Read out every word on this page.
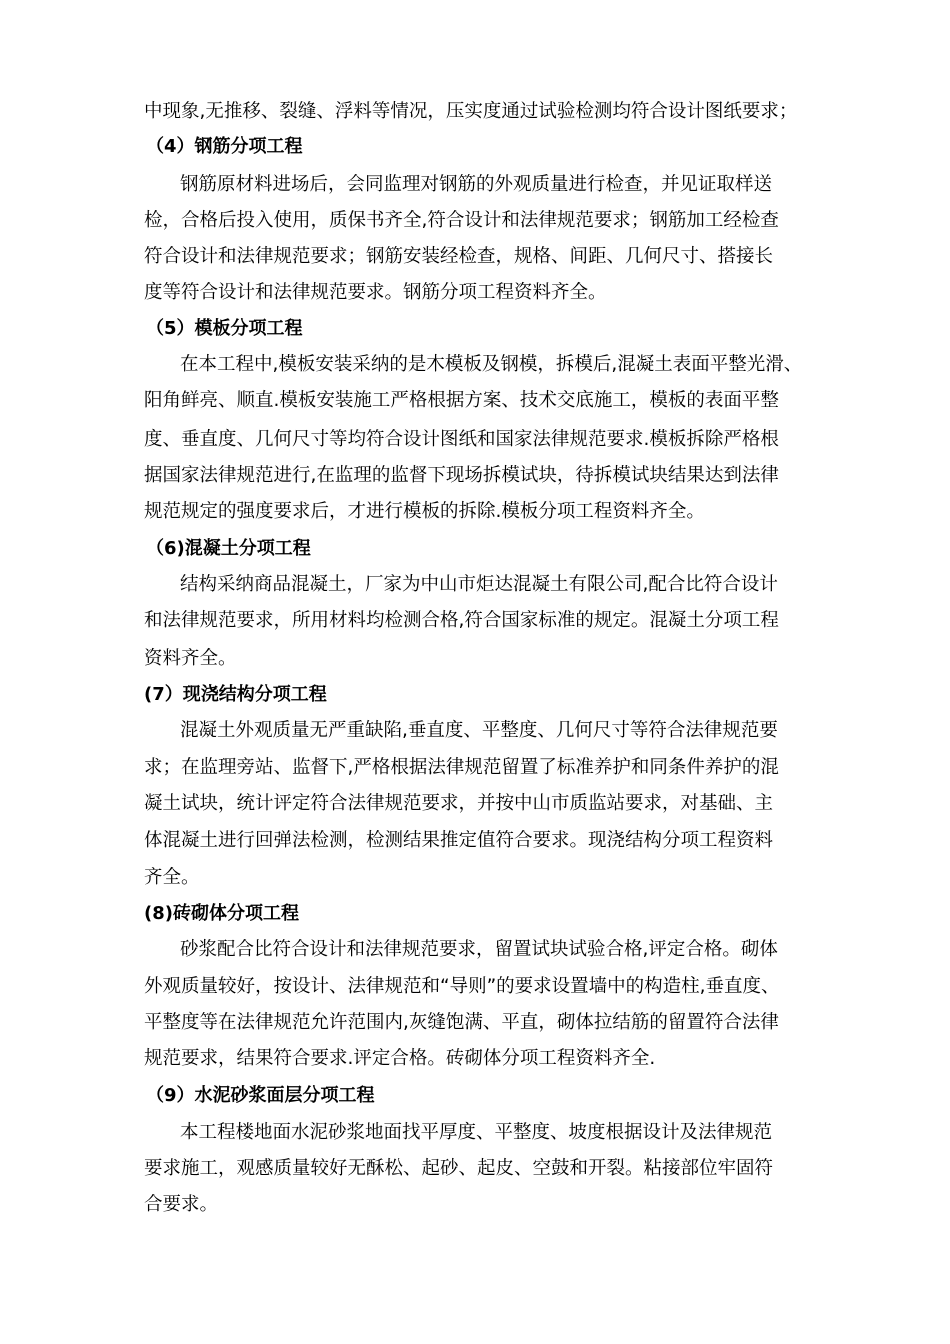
中现象,无推移、裂缝、浮料等情况，压实度通过试验检测均符合设计图纸要求；

（4）钢筋分项工程

钢筋原材料进场后，会同监理对钢筋的外观质量进行检查，并见证取样送

检，合格后投入使用，质保书齐全,符合设计和法律规范要求；钢筋加工经检查

符合设计和法律规范要求；钢筋安装经检查，规格、间距、几何尺寸、搭接长

度等符合设计和法律规范要求。钢筋分项工程资料齐全。

（5）模板分项工程

在本工程中,模板安装采纳的是木模板及钢模，拆模后,混凝土表面平整光滑、

阳角鲜亮、顺直.模板安装施工严格根据方案、技术交底施工，模板的表面平整

度、垂直度、几何尺寸等均符合设计图纸和国家法律规范要求.模板拆除严格根

据国家法律规范进行,在监理的监督下现场拆模试块，待拆模试块结果达到法律

规范规定的强度要求后，才进行模板的拆除.模板分项工程资料齐全。

（6)混凝土分项工程

结构采纳商品混凝土，厂家为中山市炬达混凝土有限公司,配合比符合设计

和法律规范要求，所用材料均检测合格,符合国家标准的规定。混凝土分项工程

资料齐全。

(7）现浇结构分项工程

混凝土外观质量无严重缺陷,垂直度、平整度、几何尺寸等符合法律规范要

求；在监理旁站、监督下,严格根据法律规范留置了标准养护和同条件养护的混

凝土试块，统计评定符合法律规范要求，并按中山市质监站要求，对基础、主

体混凝土进行回弹法检测，检测结果推定值符合要求。现浇结构分项工程资料

齐全。

(8)砖砌体分项工程

砂浆配合比符合设计和法律规范要求，留置试块试验合格,评定合格。砌体

外观质量较好，按设计、法律规范和“导则”的要求设置墙中的构造柱,垂直度、

平整度等在法律规范允许范围内,灰缝饱满、平直，砌体拉结筋的留置符合法律

规范要求，结果符合要求.评定合格。砖砌体分项工程资料齐全.

（9）水泥砂浆面层分项工程

本工程楼地面水泥砂浆地面找平厚度、平整度、坡度根据设计及法律规范

要求施工，观感质量较好无酥松、起砂、起皮、空鼓和开裂。粘接部位牢固符

合要求。
